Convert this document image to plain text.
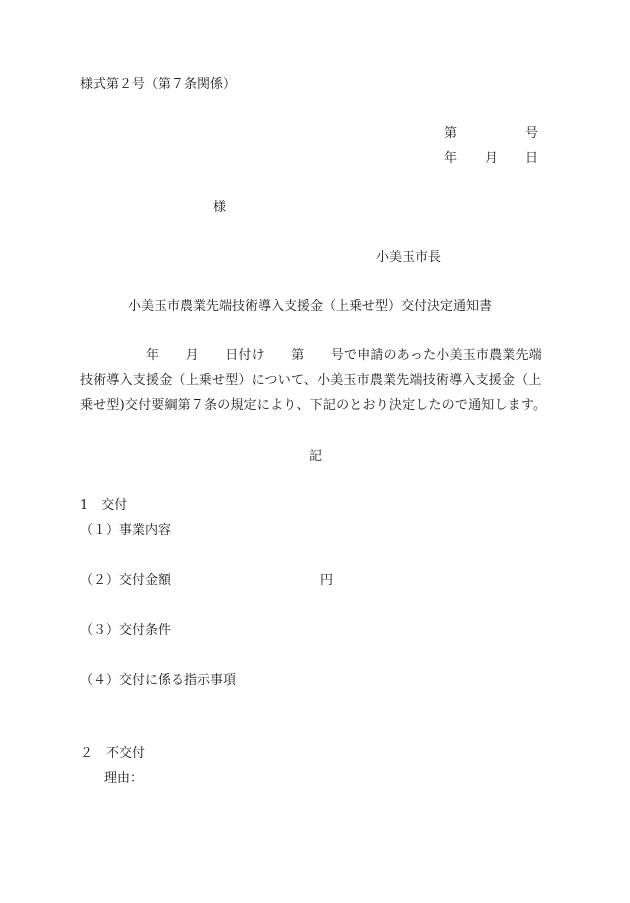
様式第２号（第７条関係）
第	号
年 月 日
様
小美玉市長
小美玉市農業先端技術導入支援金（上乗せ型）交付決定通知書
年　　月　　日付け　　第　　号で申請のあった小美玉市農業先端
技術導入支援金（上乗せ型）について、小美玉市農業先端技術導入支援金（上
乗せ型)交付要綱第７条の規定により、下記のとおり決定したので通知します。
記
1　交付
（１）事業内容
（２）交付金額	円
（３）交付条件
（４）交付に係る指示事項
２　不交付
理由：
